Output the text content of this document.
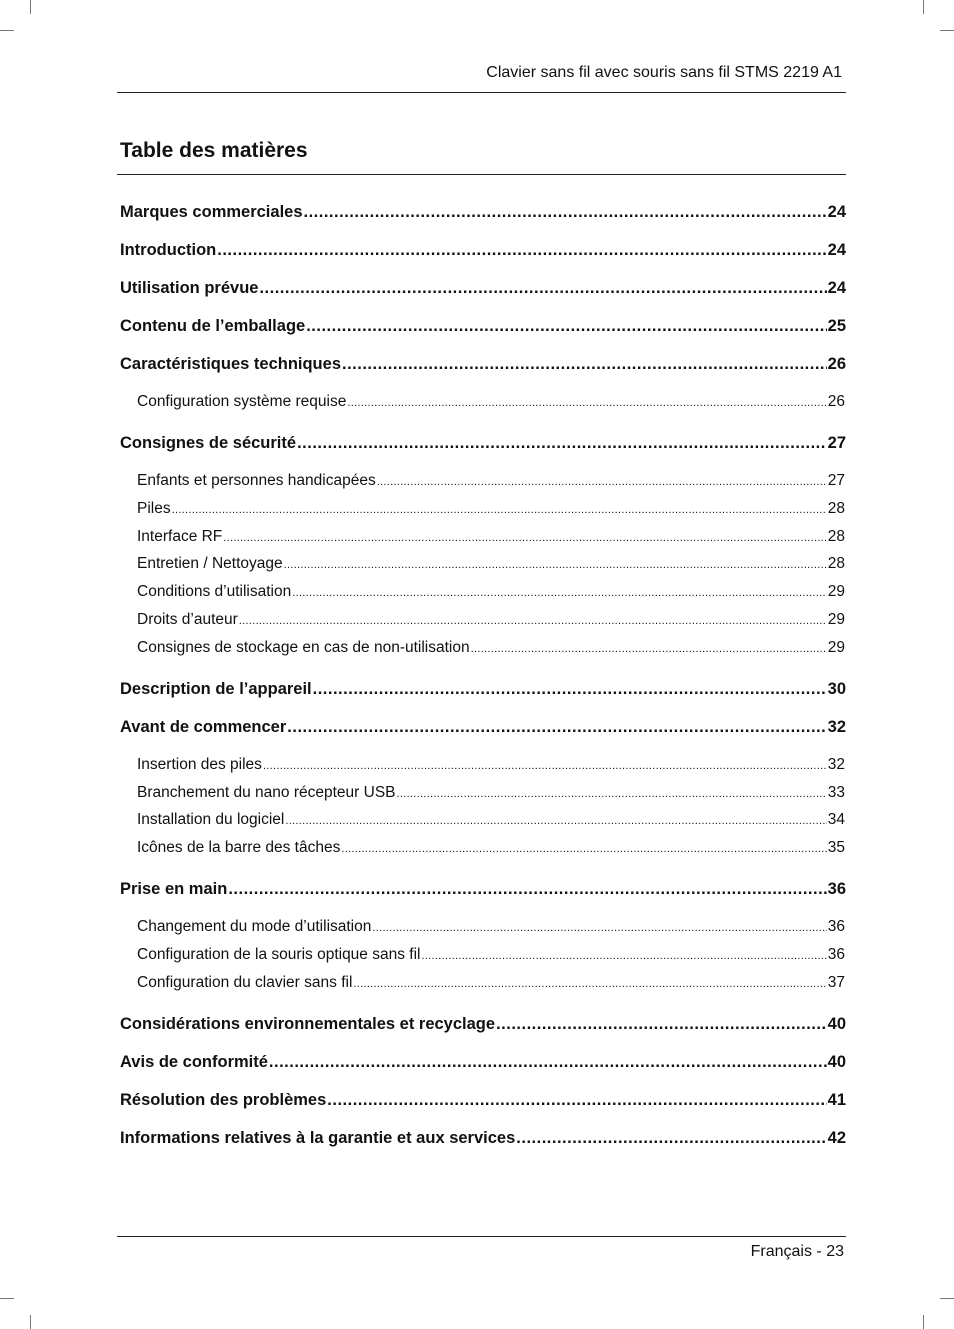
Clavier sans fil avec souris sans fil STMS 2219 A1
Table des matières
Marques commerciales .....	24
Introduction .....	24
Utilisation prévue .....	24
Contenu de l’emballage .....	25
Caractéristiques techniques .....	26
Configuration système requise .....	26
Consignes de sécurité .....	27
Enfants et personnes handicapées .....	27
Piles .....	28
Interface RF .....	28
Entretien / Nettoyage .....	28
Conditions d’utilisation .....	29
Droits d’auteur .....	29
Consignes de stockage en cas de non-utilisation .....	29
Description de l’appareil .....	30
Avant de commencer .....	32
Insertion des piles .....	32
Branchement du nano récepteur USB .....	33
Installation du logiciel .....	34
Icônes de la barre des tâches .....	35
Prise en main .....	36
Changement du mode d’utilisation .....	36
Configuration de la souris optique sans fil .....	36
Configuration du clavier sans fil .....	37
Considérations environnementales et recyclage .....	40
Avis de conformité .....	40
Résolution des problèmes .....	41
Informations relatives à la garantie et aux services .....	42
Français - 23
